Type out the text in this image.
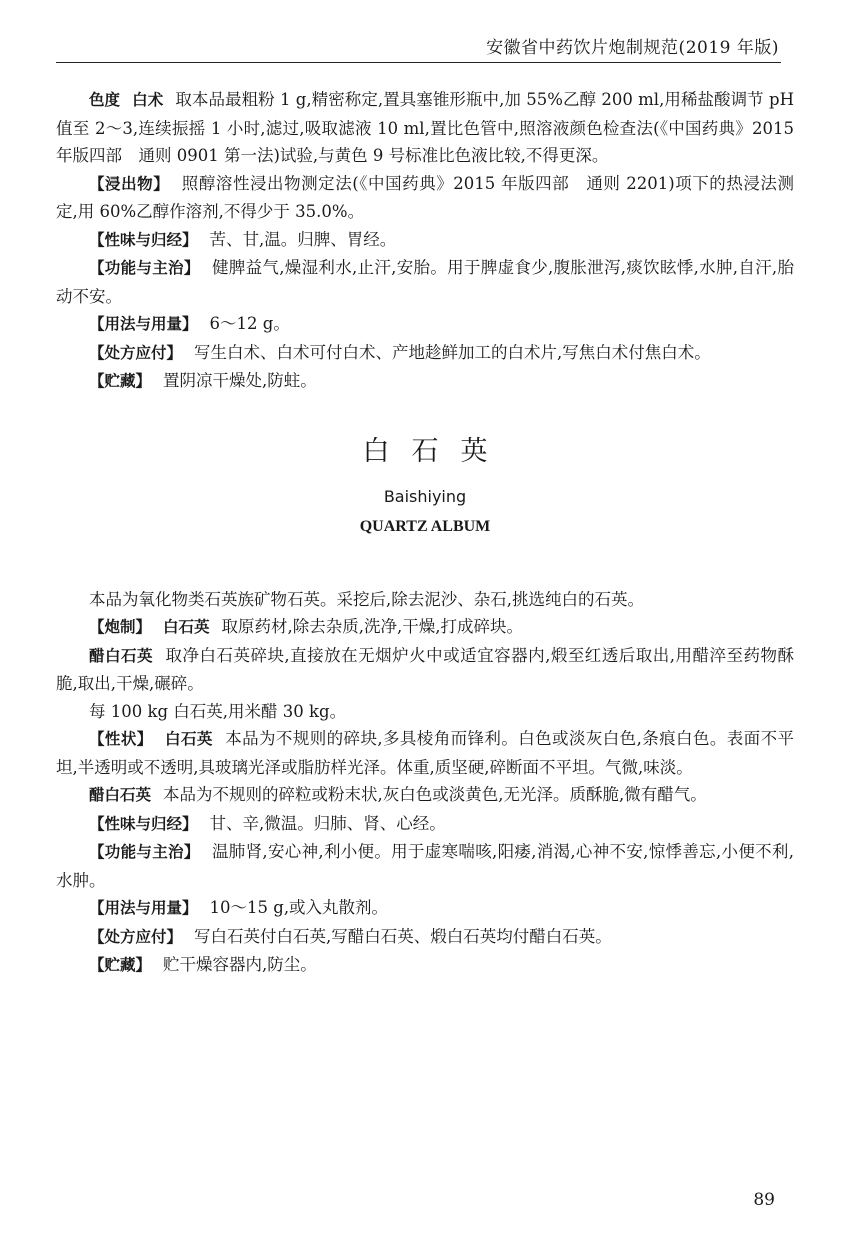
安徽省中药饮片炮制规范(2019 年版)

色度 白术 取本品最粗粉 1 g,精密称定,置具塞锥形瓶中,加 55%乙醇 200 ml,用稀盐酸调节 pH 值至 2～3,连续振摇 1 小时,滤过,吸取滤液 10 ml,置比色管中,照溶液颜色检查法(《中国药典》2015 年版四部　通则 0901 第一法)试验,与黄色 9 号标准比色液比较,不得更深。

【浸出物】 照醇溶性浸出物测定法(《中国药典》2015 年版四部　通则 2201)项下的热浸法测定,用 60%乙醇作溶剂,不得少于 35.0%。

【性味与归经】 苦、甘,温。归脾、胃经。

【功能与主治】 健脾益气,燥湿利水,止汗,安胎。用于脾虚食少,腹胀泄泻,痰饮眩悸,水肿,自汗,胎动不安。

【用法与用量】 6～12 g。

【处方应付】 写生白术、白术可付白术、产地趁鲜加工的白术片,写焦白术付焦白术。

【贮藏】 置阴凉干燥处,防蛀。

白石英
Baishiying
QUARTZ ALBUM

本品为氧化物类石英族矿物石英。采挖后,除去泥沙、杂石,挑选纯白的石英。

【炮制】 白石英 取原药材,除去杂质,洗净,干燥,打成碎块。

醋白石英 取净白石英碎块,直接放在无烟炉火中或适宜容器内,煅至红透后取出,用醋淬至药物酥脆,取出,干燥,碾碎。

每 100 kg 白石英,用米醋 30 kg。

【性状】 白石英 本品为不规则的碎块,多具棱角而锋利。白色或淡灰白色,条痕白色。表面不平坦,半透明或不透明,具玻璃光泽或脂肪样光泽。体重,质坚硬,碎断面不平坦。气微,味淡。

醋白石英 本品为不规则的碎粒或粉末状,灰白色或淡黄色,无光泽。质酥脆,微有醋气。

【性味与归经】 甘、辛,微温。归肺、肾、心经。

【功能与主治】 温肺肾,安心神,利小便。用于虚寒喘咳,阳痿,消渴,心神不安,惊悸善忘,小便不利,水肿。

【用法与用量】 10～15 g,或入丸散剂。

【处方应付】 写白石英付白石英,写醋白石英、煅白石英均付醋白石英。

【贮藏】 贮干燥容器内,防尘。

89
